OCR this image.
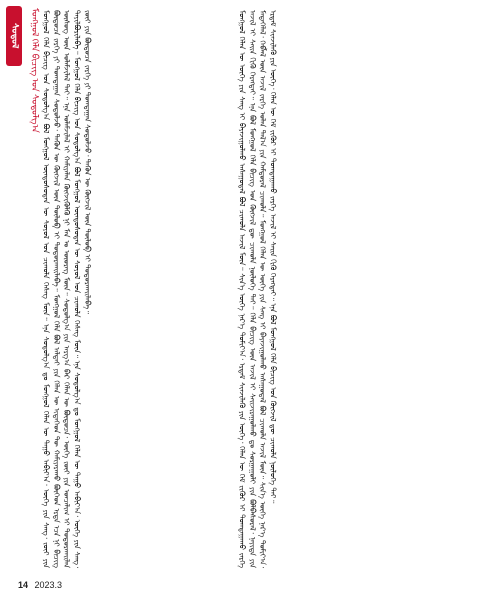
ᠰᠤᠳᠤᠯ	ᠮᠣᠩᠭᠣᠯ ᠬᠡᠯᠡ ᠪᠢᠴᠢᠭ ᠤᠨ ᠰᠤᠳᠤᠯᠭ᠎ᠠ ᠮᠣᠩᠭᠣᠯ ᠬᠡᠯᠡ ᠪᠢᠴᠢᠭ ᠤᠨ ᠰᠤᠳᠤᠯᠭ᠎ᠠ ᠪᠣᠯ ᠮᠣᠩᠭᠣᠯ ᠦᠨᠳᠦᠰᠦᠲᠡᠨ ᠦ ᠰᠣᠶᠣᠯ ᠤᠨ ᠴᠢᠬᠤᠯᠠ ᠬᠡᠰᠡᠭ ᠮᠥᠨ᠃ ᠡᠨᠡ ᠰᠤᠳᠤᠯᠭ᠎ᠠ ᠳᠤ ᠮᠣᠩᠭᠣᠯ ᠬᠡᠯᠡᠨ ᠦ ᠳᠠᠭᠤ ᠠᠪᠢᠶ᠎ᠠ᠂ ᠦᠭᠡ ᠶᠢᠨ ᠰᠠᠩ᠂ ᠵᠦᠢ ᠶᠢᠨ ᠪᠦᠲᠦᠴᠡ ᠵᠡᠷᠭᠡ ᠶᠢ ᠲᠣᠭᠲᠠᠭᠠᠨ ᠰᠤᠳᠤᠯᠵᠤ᠂ ᠲᠡᠭᠦᠨ ᠦ ᠬᠥᠭᠵᠢᠯ ᠦᠨ ᠲᠥᠯᠦᠪ ᠢ ᠲᠣᠳᠣᠷᠬᠠᠢᠯᠠᠪᠠ᠃ ᠮᠣᠩᠭᠣᠯ ᠬᠡᠯᠡ ᠪᠣᠯ ᠠᠯᠲᠠᠢ ᠶᠢᠨ ᠬᠡᠯᠡᠨ ᠦ ᠢᠳᠡᠭᠡᠳ ᠲᠦ ᠬᠠᠮᠢᠶᠠᠷᠠᠬᠤ ᠪᠥᠭᠡᠳ ᠡᠷᠲᠡ ᠡᠴᠡ ᠨᠢ ᠪᠢᠴᠢᠭ ᠦᠰᠦᠭ ᠦᠨ ᠤᠯᠠᠮᠵᠢᠯᠠᠯ ᠲᠠᠢ᠃ ᠡᠨᠡ ᠤᠯᠠᠮᠵᠢᠯᠠᠯ ᠢ ᠬᠠᠮᠢᠶᠠᠯᠠᠨ ᠬᠥᠭᠵᠢᠭᠦᠯᠬᠦ ᠨᠢ ᠮᠠᠨ ᠤ ᠦᠦᠷᠡᠭ ᠮᠥᠨ᠃ ᠰᠤᠳᠤᠯᠭ᠎ᠠ ᠶᠢᠨ ᠠᠷᠭ᠎ᠠ ᠪᠠᠷ ᠬᠡᠯᠡᠨ ᠦ ᠪᠦᠲᠦᠴᠡ᠂ ᠦᠭᠡ ᠵᠦᠢ ᠶᠢᠨ ᠣᠨᠴᠠᠯᠢᠭ ᠢ ᠲᠣᠳᠣᠷᠬᠠᠢᠯᠠᠨ ᠲᠠᠶᠢᠯᠪᠤᠷᠢᠯᠠᠪᠠ᠃ ᠮᠣᠩᠭᠣᠯ ᠬᠡᠯᠡ ᠪᠢᠴᠢᠭ ᠤᠨ ᠰᠤᠳᠤᠯᠭ᠎ᠠ ᠪᠣᠯ ᠮᠣᠩᠭᠣᠯ ᠦᠨᠳᠦᠰᠦᠲᠡᠨ ᠦ ᠰᠣᠶᠣᠯ ᠤᠨ ᠴᠢᠬᠤᠯᠠ ᠬᠡᠰᠡᠭ ᠮᠥᠨ᠃ ᠡᠨᠡ ᠰᠤᠳᠤᠯᠭ᠎ᠠ ᠳᠤ ᠮᠣᠩᠭᠣᠯ ᠬᠡᠯᠡᠨ ᠦ ᠳᠠᠭᠤ ᠠᠪᠢᠶ᠎ᠠ᠂ ᠦᠭᠡ ᠶᠢᠨ ᠰᠠᠩ᠂ ᠵᠦᠢ ᠶᠢᠨ ᠪᠦᠲᠦᠴᠡ ᠵᠡᠷᠭᠡ ᠶᠢ ᠲᠣᠭᠲᠠᠭᠠᠨ ᠰᠤᠳᠤᠯᠵᠤ᠂ ᠲᠡᠭᠦᠨ ᠦ ᠬᠥᠭᠵᠢᠯ ᠦᠨ ᠲᠥᠯᠦᠪ ᠢ ᠲᠣᠳᠣᠷᠬᠠᠢᠯᠠᠪᠠ᠃	ᠮᠣᠩᠭᠣᠯ ᠬᠡᠯᠡᠨ ᠦ ᠦᠭᠡ ᠶᠢᠨ ᠰᠠᠩ ᠢ ᠪᠠᠶᠠᠵᠢᠭᠤᠯᠬᠤ ᠠᠰᠠᠭᠤᠳᠠᠯ ᠪᠣᠯ ᠴᠢᠬᠤᠯᠠ ᠠᠵᠢᠯ ᠮᠥᠨ᠃ ᠰᠢᠨ᠎ᠡ ᠦᠭᠡ ᠨᠡᠷ᠎ᠡ ᠲᠣᠮᠢᠶ᠎ᠠ᠂ ᠡᠷᠳᠡᠮ ᠰᠢᠨᠵᠢᠯᠡᠬᠦ ᠶᠢᠨ ᠦᠭᠡ᠂ ᠬᠡᠯᠡᠨ ᠦ ᠬᠡᠮ ᠵᠢᠭᠦᠷ ᠢ ᠲᠣᠭᠲᠠᠭᠠᠬᠤ ᠵᠡᠷᠭᠡ ᠠᠵᠢᠯ ᠢ ᠰᠠᠢᠨ ᠬᠢᠬᠦ ᠬᠡᠷᠡᠭᠲᠡᠢ᠃ ᠡᠨᠡ ᠪᠣᠯ ᠮᠣᠩᠭᠣᠯ ᠬᠡᠯᠡ ᠪᠢᠴᠢᠭ ᠤᠨ ᠬᠥᠭᠵᠢᠯ ᠳᠦ ᠴᠢᠬᠤᠯᠠ ᠨᠥᠯᠦᠭᠡ ᠲᠠᠢ᠃ ᠬᠡᠯᠡ ᠪᠢᠴᠢᠭ ᠦᠨ ᠠᠵᠢᠯ ᠢ ᠰᠠᠢᠵᠢᠷᠠᠭᠤᠯᠬᠤ ᠳᠤ ᠰᠤᠷᠭᠠᠭᠤᠯᠢ ᠶᠢᠨ ᠪᠣᠯᠪᠠᠰᠤᠷᠠᠯ᠂ ᠨᠡᠶᠢᠲᠡ ᠶᠢᠨ ᠮᠡᠳᠡᠭᠡᠯᠡᠯ᠂ ᠬᠡᠪᠯᠡᠯ ᠦᠨ ᠠᠵᠢᠯ ᠵᠡᠷᠭᠡ ᠣᠯᠠᠨ ᠲᠠᠯ᠎ᠠ ᠶᠢᠨ ᠬᠠᠮᠲᠤᠷᠠᠯ ᠴᠢᠬᠤᠯᠠ᠃ ᠮᠣᠩᠭᠣᠯ ᠬᠡᠯᠡᠨ ᠦ ᠦᠭᠡ ᠶᠢᠨ ᠰᠠᠩ ᠢ ᠪᠠᠶᠠᠵᠢᠭᠤᠯᠬᠤ ᠠᠰᠠᠭᠤᠳᠠᠯ ᠪᠣᠯ ᠴᠢᠬᠤᠯᠠ ᠠᠵᠢᠯ ᠮᠥᠨ᠃ ᠰᠢᠨ᠎ᠡ ᠦᠭᠡ ᠨᠡᠷ᠎ᠡ ᠲᠣᠮᠢᠶ᠎ᠠ᠂ ᠡᠷᠳᠡᠮ ᠰᠢᠨᠵᠢᠯᠡᠬᠦ ᠶᠢᠨ ᠦᠭᠡ᠂ ᠬᠡᠯᠡᠨ ᠦ ᠬᠡᠮ ᠵᠢᠭᠦᠷ ᠢ ᠲᠣᠭᠲᠠᠭᠠᠬᠤ ᠵᠡᠷᠭᠡ ᠠᠵᠢᠯ ᠢ ᠰᠠᠢᠨ ᠬᠢᠬᠦ ᠬᠡᠷᠡᠭᠲᠡᠢ᠃ ᠡᠨᠡ ᠪᠣᠯ ᠮᠣᠩᠭᠣᠯ ᠬᠡᠯᠡ ᠪᠢᠴᠢᠭ ᠤᠨ ᠬᠥᠭᠵᠢᠯ ᠳᠦ ᠴᠢᠬᠤᠯᠠ ᠨᠥᠯᠦᠭᠡ ᠲᠠᠢ᠃
14 2023.3
